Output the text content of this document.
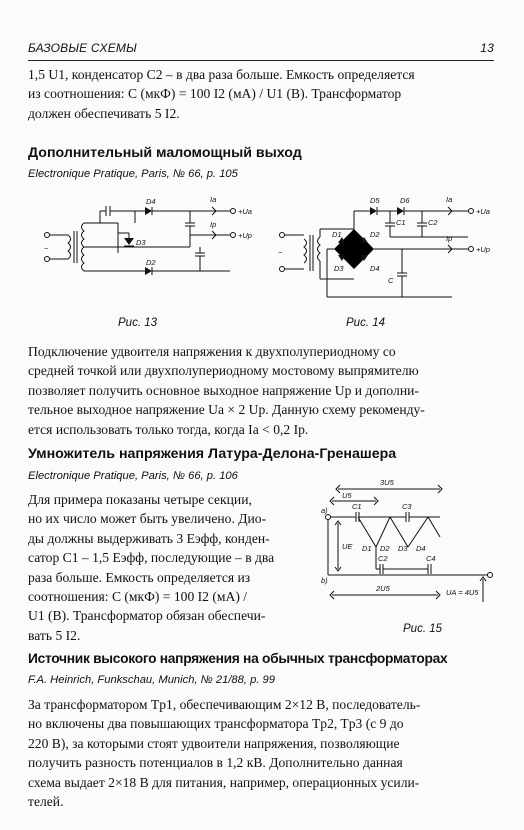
БАЗОВЫЕ СХЕМЫ	13
1,5 U1, конденсатор C2 – в два раза больше. Емкость определяется
из соотношения: C (мкФ) = 100 I2 (мА) / U1 (В). Трансформатор
должен обеспечивать 5 I2.
Дополнительный маломощный выход

Electronique Pratique, Paris, № 66, p. 105

~
D3
D2
D4	Ia
Ip
+Ua
+Up
Рис. 13
~
D1	D2
D3	D4
D5	D6
C1	C2
C
Ia
Ip
+Ua
+Up
Рис. 14
Подключение удвоителя напряжения к двухполупериодному со
средней точкой или двухполупериодному мостовому выпрямителю
позволяет получить основное выходное напряжение Up и дополни-
тельное выходное напряжение Ua × 2 Up. Данную схему рекоменду-
ется использовать только тогда, когда Ia < 0,2 Ip.
Умножитель напряжения Латура-Делона-Гренашера

Electronique Pratique, Paris, № 66, p. 106

Для примера показаны четыре секции,
но их число может быть увеличено. Дио-
ды должны выдерживать 3 Eэфф, конден-
сатор C1 – 1,5 Eэфф, последующие – в два
раза больше. Емкость определяется из
соотношения: C (мкФ) = 100 I2 (мА) /
U1 (В). Трансформатор обязан обеспечи-
вать 5 I2.
3U5
U5
a)	C1	C3
UE D1 D2 D3 D4
C2	C4
b)
2U5	UA = 4U5
Рис. 15
Источник высокого напряжения на обычных трансформаторах

F.A. Heinrich, Funkschau, Munich, № 21/88, p. 99

За трансформатором Tp1, обеспечивающим 2×12 В, последователь-
но включены два повышающих трансформатора Tp2, Tp3 (с 9 до
220 В), за которыми стоят удвоители напряжения, позволяющие
получить разность потенциалов в 1,2 кВ. Дополнительно данная
схема выдает 2×18 В для питания, например, операционных усили-
телей.
